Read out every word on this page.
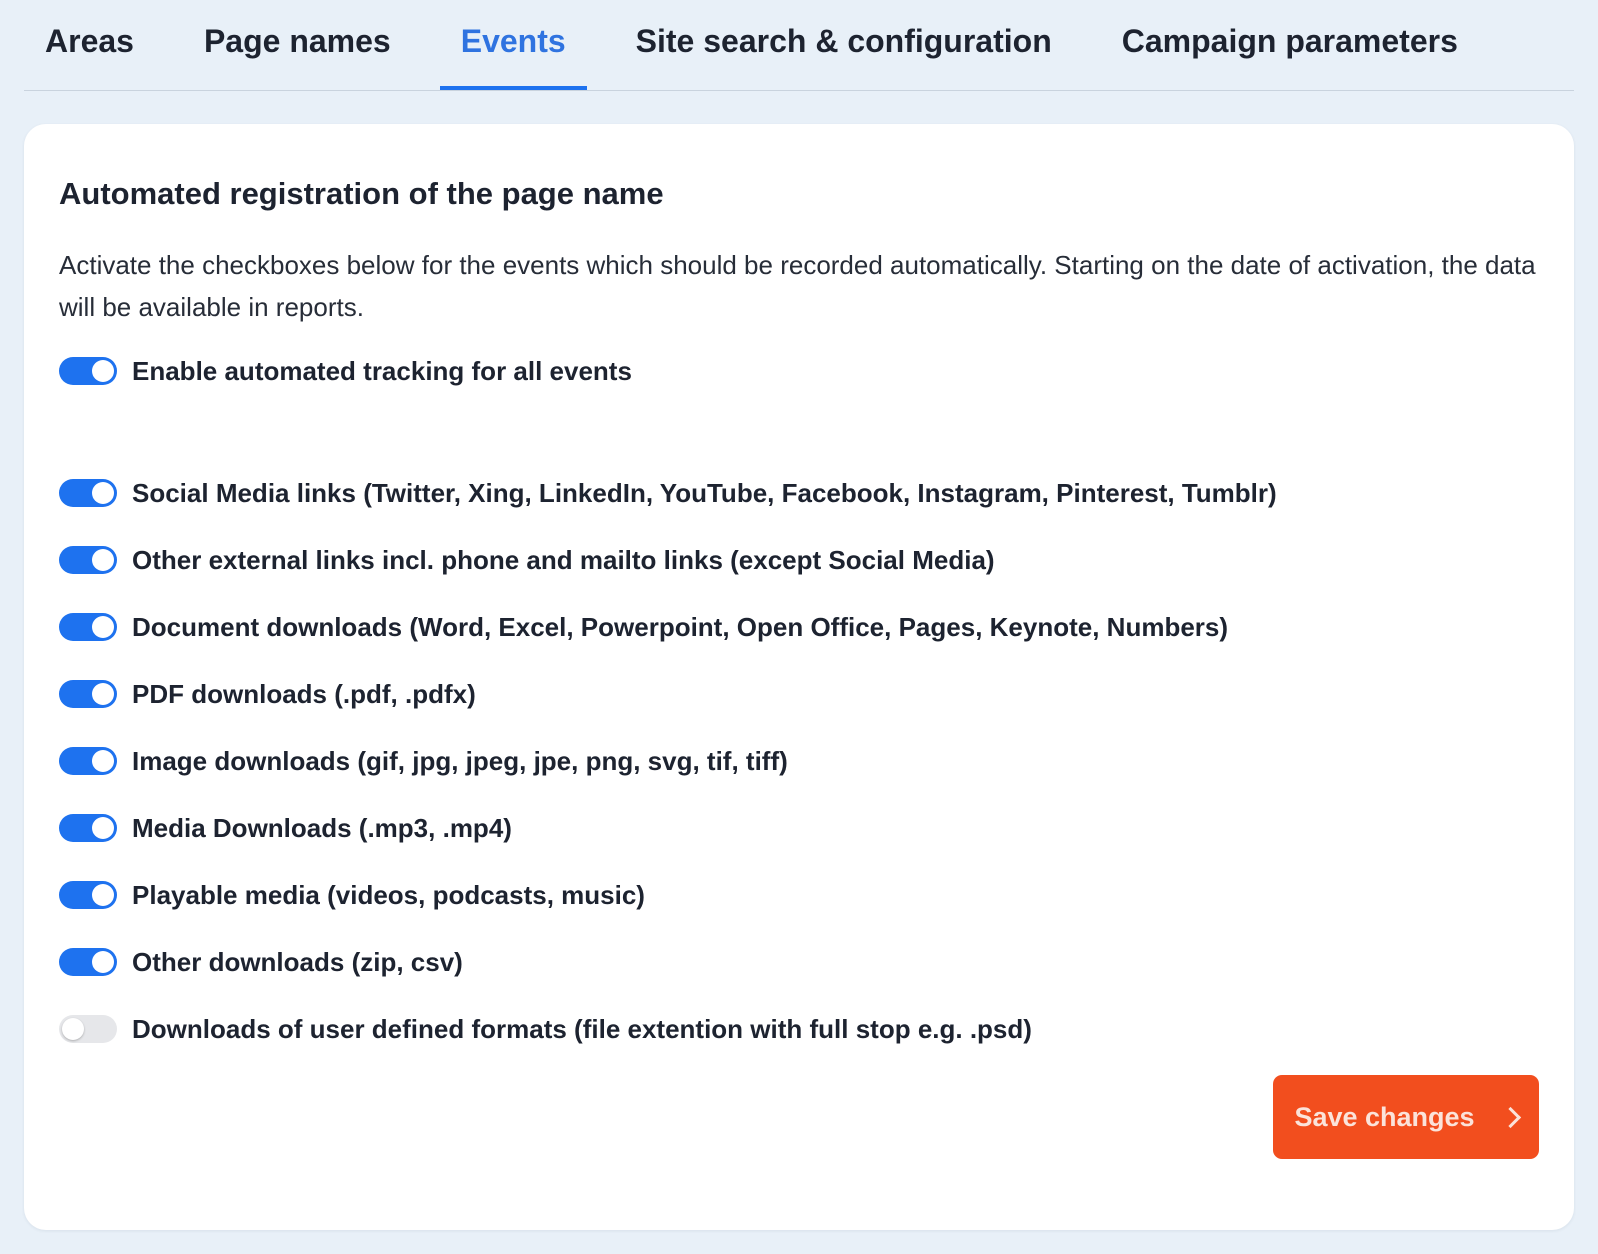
Areas	Page names	Events	Site search & configuration	Campaign parameters
Automated registration of the page name

Activate the checkboxes below for the events which should be recorded automatically. Starting on the date of activation, the data will be available in reports.

Enable automated tracking for all events
Social Media links (Twitter, Xing, LinkedIn, YouTube, Facebook, Instagram, Pinterest, Tumblr)
Other external links incl. phone and mailto links (except Social Media)
Document downloads (Word, Excel, Powerpoint, Open Office, Pages, Keynote, Numbers)
PDF downloads (.pdf, .pdfx)
Image downloads (gif, jpg, jpeg, jpe, png, svg, tif, tiff)
Media Downloads (.mp3, .mp4)
Playable media (videos, podcasts, music)
Other downloads (zip, csv)
Downloads of user defined formats (file extention with full stop e.g. .psd)
Save changes
